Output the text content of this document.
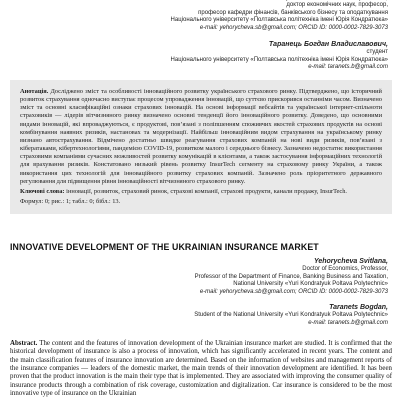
доктор економічних наук, професор,
професор кафедри фінансів, банківського бізнесу та оподаткування
Національного університету «Полтавська політехніка імені Юрія Кондратюка»
e-mail: yehorycheva.sb@gmail.com; ORCID ID: 0000-0002-7829-3073
Таранець Богдан Владиславович,
студент
Національного університету «Полтавська політехніка імені Юрія Кондратюка»
e-mail: taranets.b@gmail.com

Анотація. Досліджено зміст та особливості інноваційного розвитку українського страхового ринку. Підтверджено, що історичний розвиток страхування одночасно виступає процесом упровадження інновацій, що суттєво прискорився останніми часом. Визначено зміст та основні класифікаційні ознаки страхових інновацій. На основі інформації вебсайтів та української інтернет-спільноти страховиків — лідерів вітчизняного ринку визначено основні тенденції його інноваційного розвитку. Доведено, що основними видами інновацій, які впроваджуються, є продуктові, пов’язані з поліпшенням споживчих якостей страхових продуктів на основі комбінування наявних ризиків, настановах та модернізації. Найбільш інноваційним видом страхування на українському ринку визнано автострахування. Відмічено достатньо швидке реагування страхових компаній на нові види ризиків, пов’язані з кібератаками, кібертехнологіями, пандемією COVID-19, розвитком малого і середнього бізнесу. Зазначено недостатнє використання страховими компаніями сучасних можливостей розвитку комунікацій в клієнтами, а також застосування інформаційних технологій для врахування ризиків. Констатовано низький рівень розвитку InsurTech сегменту на страховому ринку України, а також використання цих технологій для інноваційного розвитку страхових компаній. Зазначено роль пріоритетного державного регулювання для підвищення рівня інноваційності вітчизняного страхового ринку.

Ключові слова: інновації, розвиток, страховий ринок, страхові компанії, страхові продукти, канали продажу, InsurTech.

Формул: 0; рис.: 1; табл.: 0; бібл.: 13.

INNOVATIVE DEVELOPMENT OF THE UKRAINIAN INSURANCE MARKET
Yehorycheva Svitlana,
Doctor of Economics, Professor,
Professor of the Department of Finance, Banking Business and Taxation,
National University «Yuri Kondratyuk Poltava Polytechnic»
e-mail: yehorycheva.sb@gmail.com; ORCID ID: 0000-0002-7829-3073
Taranets Bogdan,
Student of the National University «Yuri Kondratyuk Poltava Polytechnic»
e-mail: taranets.b@gmail.com
Abstract. The content and the features of innovation development of the Ukrainian insurance market are studied. It is confirmed that the historical development of insurance is also a process of innovation, which has significantly accelerated in recent years. The content and the main classification features of insurance innovation are determined. Based on the information of websites and management reports of the insurance companies — leaders of the domestic market, the main trends of their innovation development are identified. It has been proven that the product innovation is the main their type that is implemented. They are associated with improving the consumer quality of insurance products through a combination of risk coverage, customization and digitalization. Car insurance is considered to be the most innovative type of insurance on the Ukrainian
